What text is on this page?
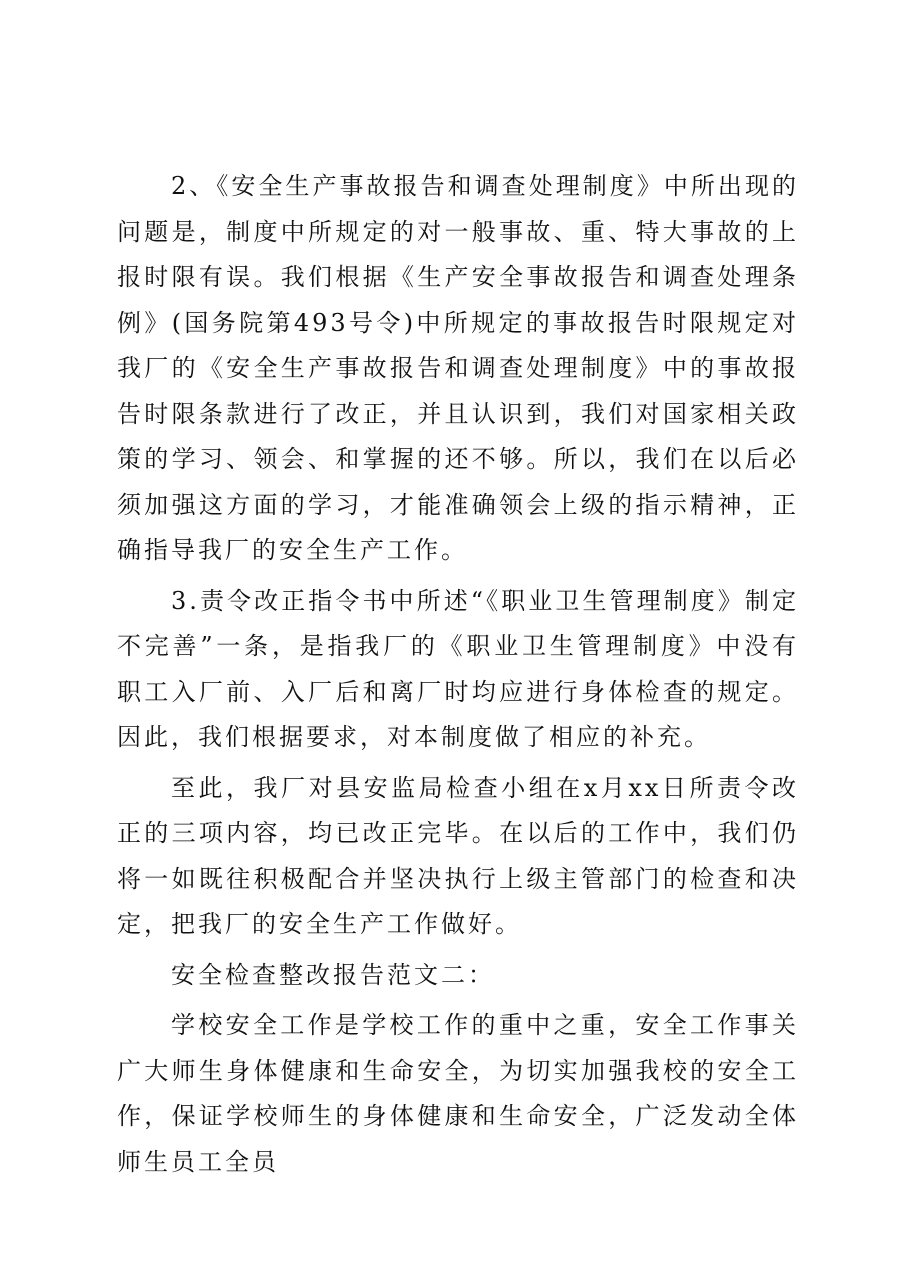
2、《安全生产事故报告和调查处理制度》中所出现的问题是，制度中所规定的对一般事故、重、特大事故的上报时限有误。我们根据《生产安全事故报告和调查处理条例》(国务院第493号令)中所规定的事故报告时限规定对我厂的《安全生产事故报告和调查处理制度》中的事故报告时限条款进行了改正，并且认识到，我们对国家相关政策的学习、领会、和掌握的还不够。所以，我们在以后必须加强这方面的学习，才能准确领会上级的指示精神，正确指导我厂的安全生产工作。

3.责令改正指令书中所述“《职业卫生管理制度》制定不完善”一条，是指我厂的《职业卫生管理制度》中没有职工入厂前、入厂后和离厂时均应进行身体检查的规定。因此，我们根据要求，对本制度做了相应的补充。

至此，我厂对县安监局检查小组在x月xx日所责令改正的三项内容，均已改正完毕。在以后的工作中，我们仍将一如既往积极配合并坚决执行上级主管部门的检查和决定，把我厂的安全生产工作做好。

安全检查整改报告范文二：

学校安全工作是学校工作的重中之重，安全工作事关广大师生身体健康和生命安全，为切实加强我校的安全工作，保证学校师生的身体健康和生命安全，广泛发动全体师生员工全员
